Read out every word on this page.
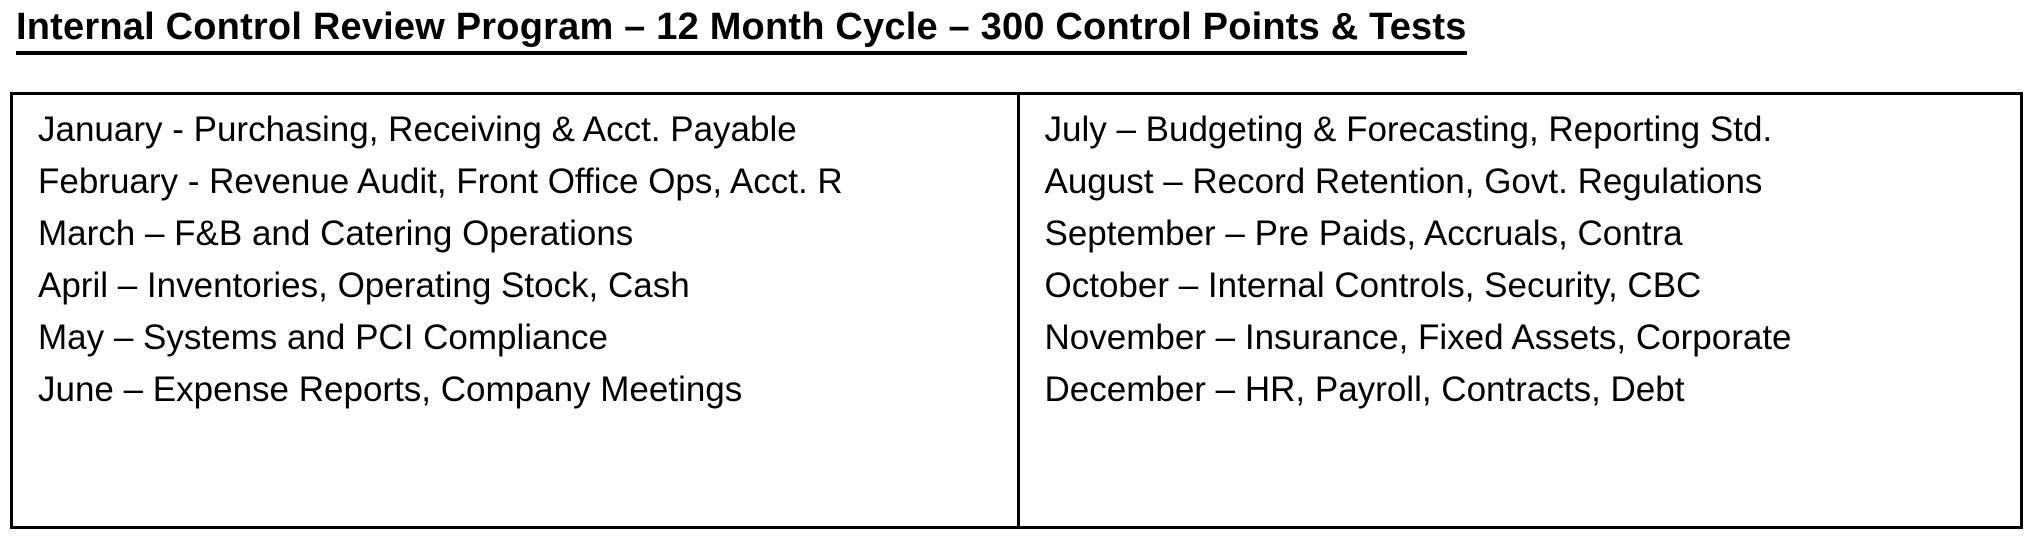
Internal Control Review Program – 12 Month Cycle – 300 Control Points & Tests
January - Purchasing, Receiving & Acct. Payable
February - Revenue Audit, Front Office Ops, Acct. R
March – F&B and Catering Operations
April – Inventories, Operating Stock, Cash
May – Systems and PCI Compliance
June – Expense Reports, Company Meetings
July – Budgeting & Forecasting, Reporting Std.
August – Record Retention, Govt. Regulations
September – Pre Paids, Accruals, Contra
October – Internal Controls, Security, CBC
November – Insurance, Fixed Assets, Corporate
December – HR, Payroll, Contracts, Debt
